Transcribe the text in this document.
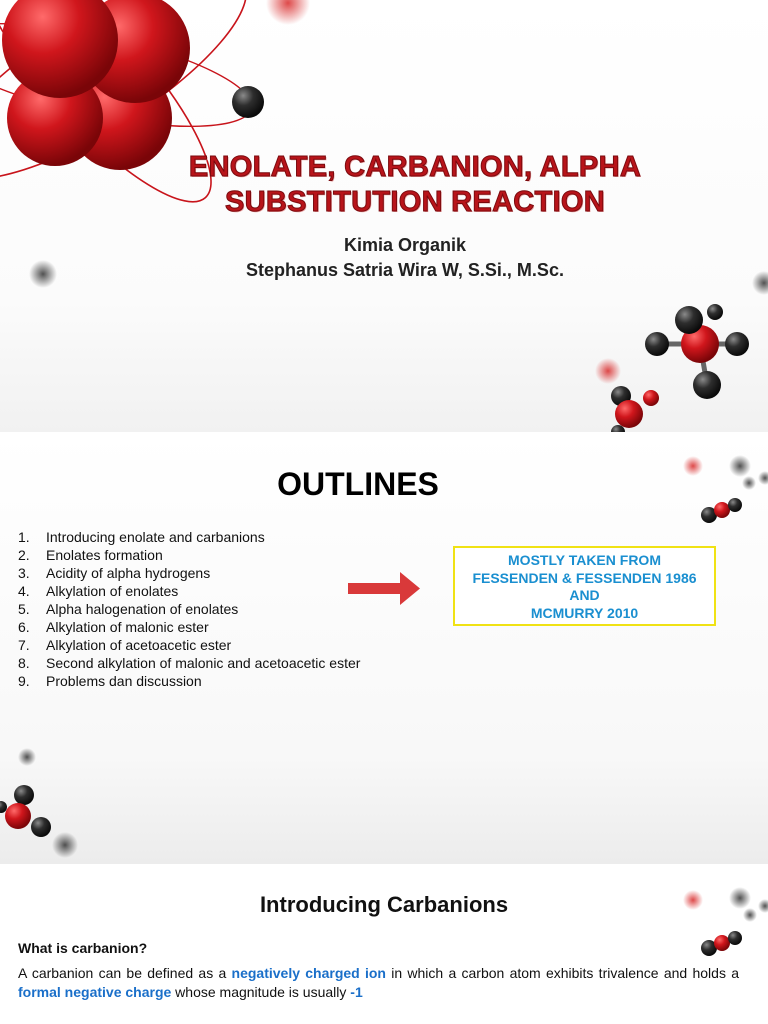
ENOLATE, CARBANION, ALPHA
SUBSTITUTION REACTION
Kimia Organik
Stephanus Satria Wira W, S.Si., M.Sc.
OUTLINES
1.	Introducing enolate and carbanions
2.	Enolates formation
3.	Acidity of alpha hydrogens
4.	Alkylation of enolates
5.	Alpha halogenation of enolates
6.	Alkylation of malonic ester
7.	Alkylation of acetoacetic ester
8.	Second alkylation of malonic and acetoacetic ester
9.	Problems dan discussion
MOSTLY TAKEN FROM
FESSENDEN & FESSENDEN 1986
AND
MCMURRY 2010
Introducing Carbanions
What is carbanion?
A carbanion can be defined as a negatively charged ion in which a carbon atom exhibits trivalence and holds a formal negative charge whose magnitude is usually -1
